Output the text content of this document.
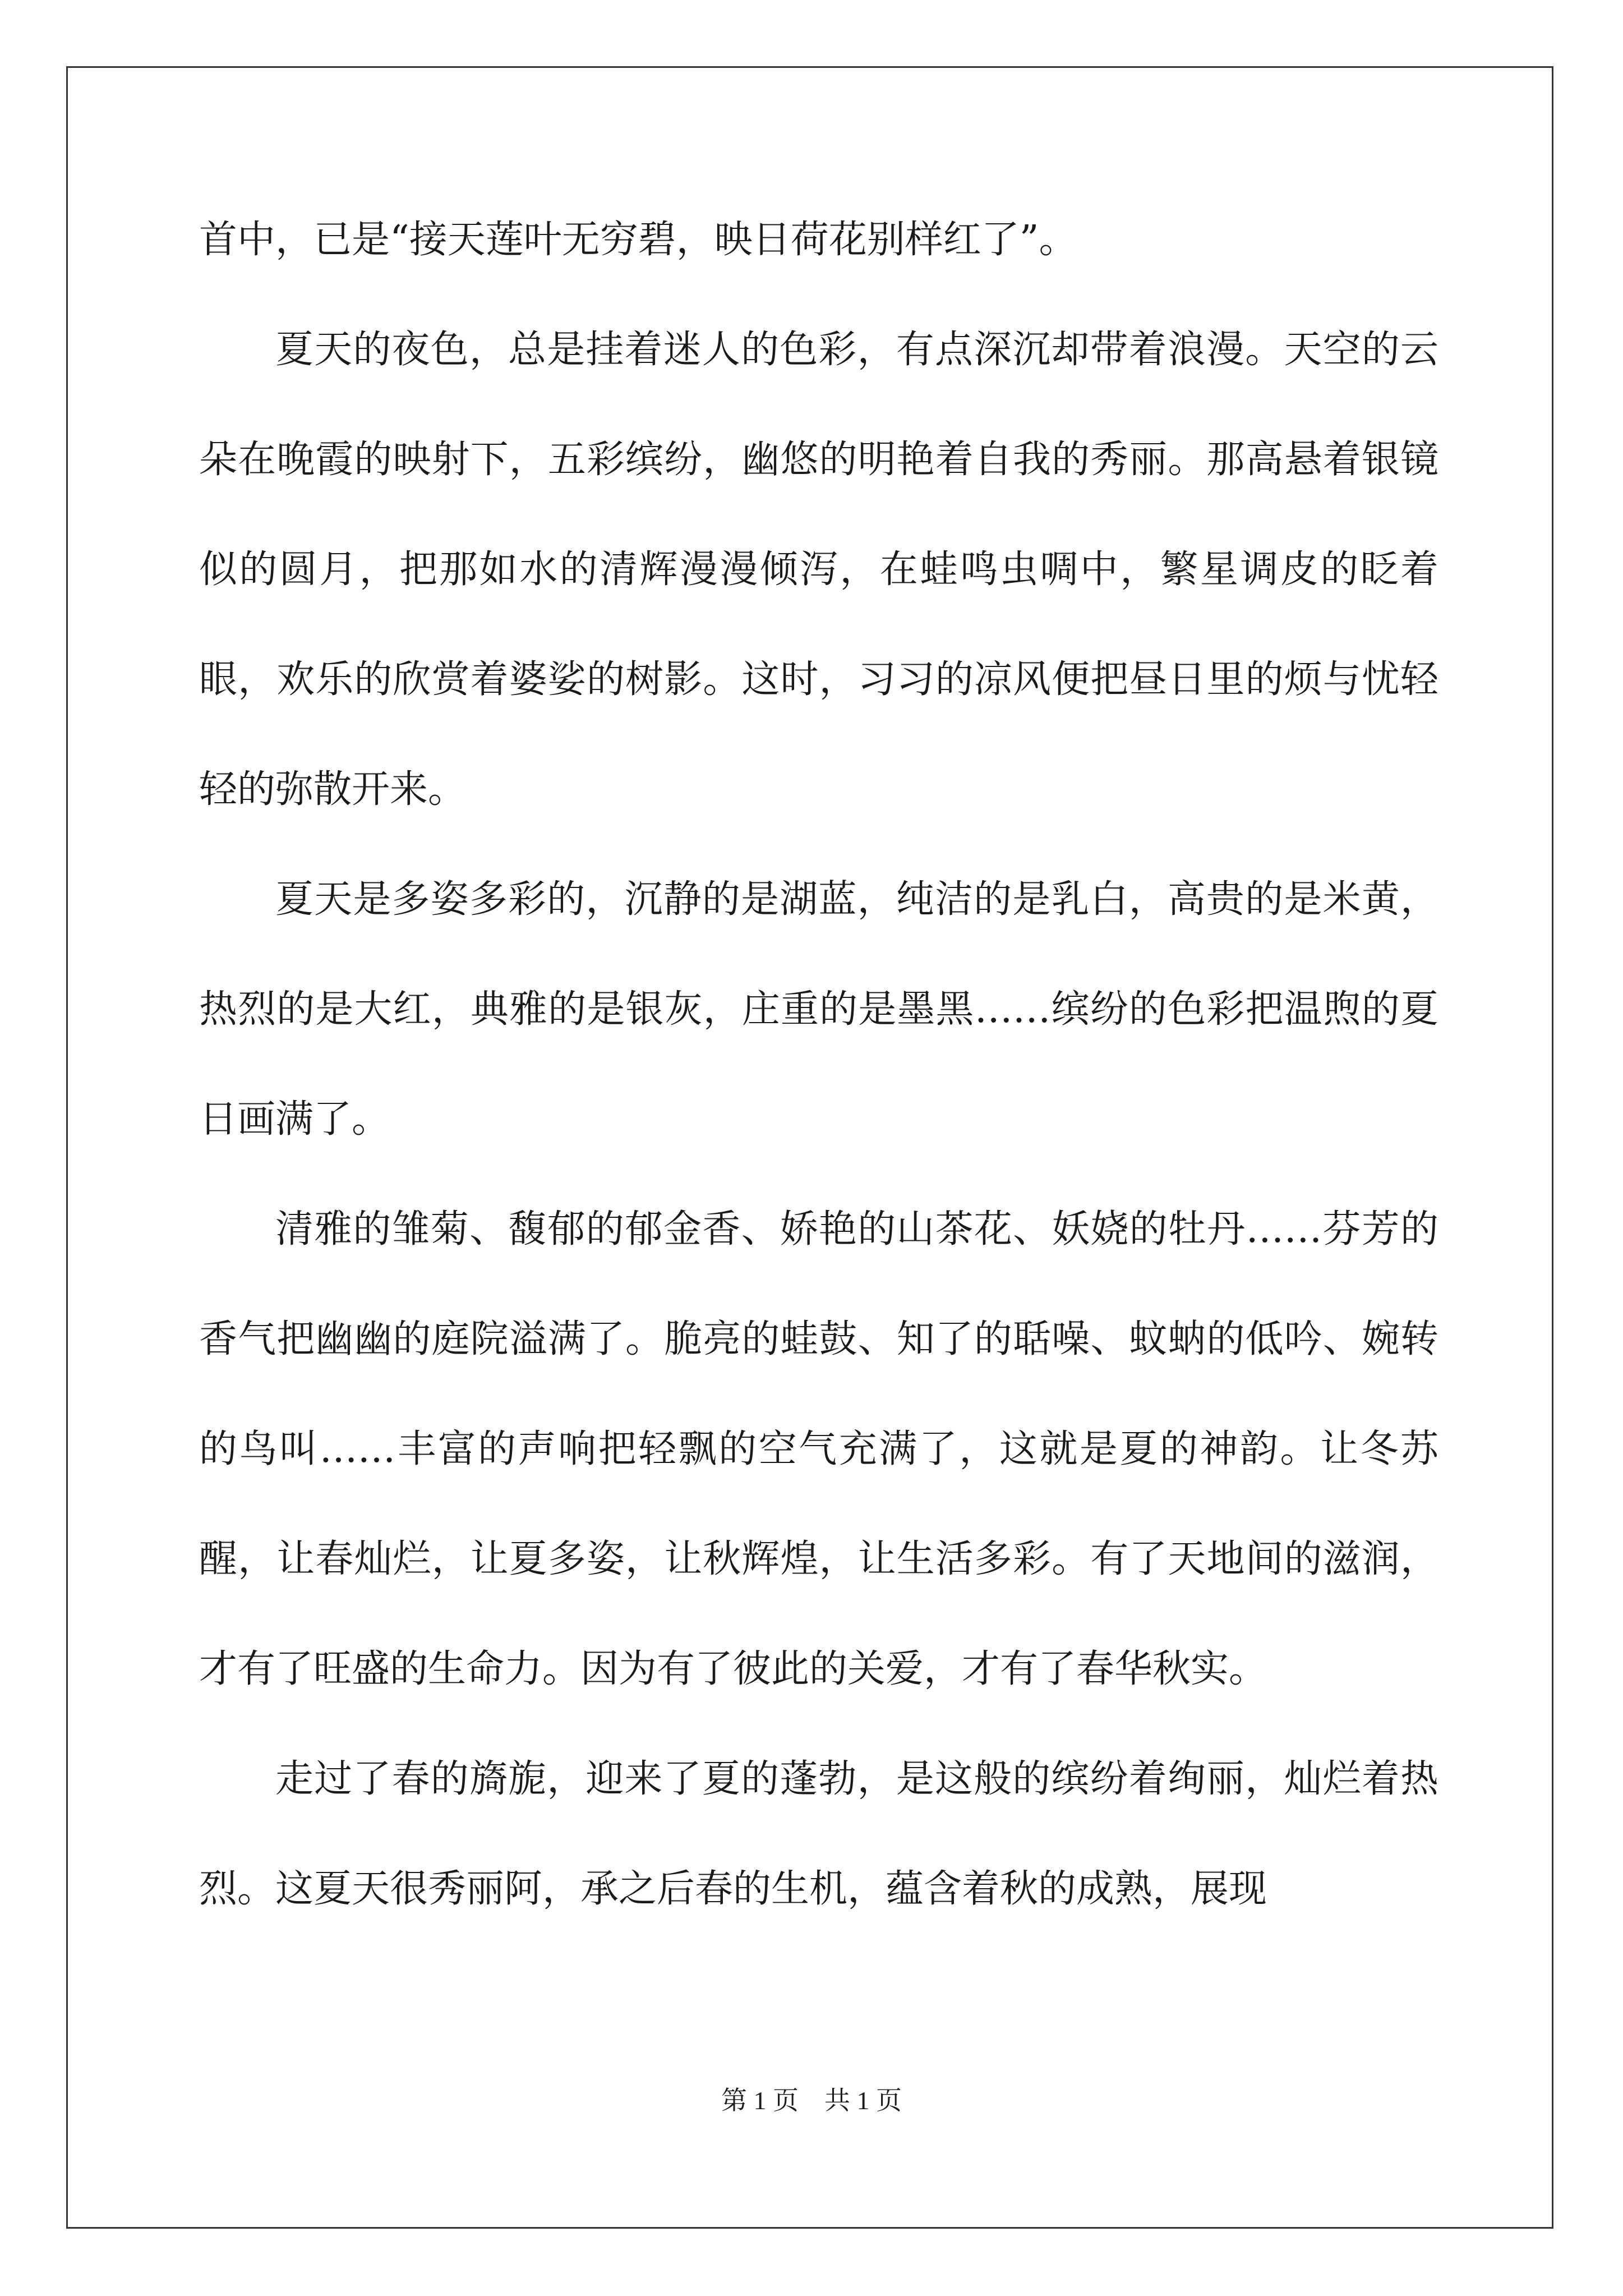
首中，已是“接天莲叶无穷碧，映日荷花别样红了”。

夏天的夜色，总是挂着迷人的色彩，有点深沉却带着浪漫。天空的云朵在晚霞的映射下，五彩缤纷，幽悠的明艳着自我的秀丽。那高悬着银镜似的圆月，把那如水的清辉漫漫倾泻，在蛙鸣虫啁中，繁星调皮的眨着眼，欢乐的欣赏着婆娑的树影。这时，习习的凉风便把昼日里的烦与忧轻轻的弥散开来。

夏天是多姿多彩的，沉静的是湖蓝，纯洁的是乳白，高贵的是米黄，热烈的是大红，典雅的是银灰，庄重的是墨黑……缤纷的色彩把温煦的夏日画满了。

清雅的雏菊、馥郁的郁金香、娇艳的山茶花、妖娆的牡丹……芬芳的香气把幽幽的庭院溢满了。脆亮的蛙鼓、知了的聒噪、蚊蚋的低吟、婉转的鸟叫……丰富的声响把轻飘的空气充满了，这就是夏的神韵。让冬苏醒，让春灿烂，让夏多姿，让秋辉煌，让生活多彩。有了天地间的滋润，才有了旺盛的生命力。因为有了彼此的关爱，才有了春华秋实。

走过了春的旖旎，迎来了夏的蓬勃，是这般的缤纷着绚丽，灿烂着热烈。这夏天很秀丽阿，承之后春的生机，蕴含着秋的成熟，展现

第 1 页    共 1 页
